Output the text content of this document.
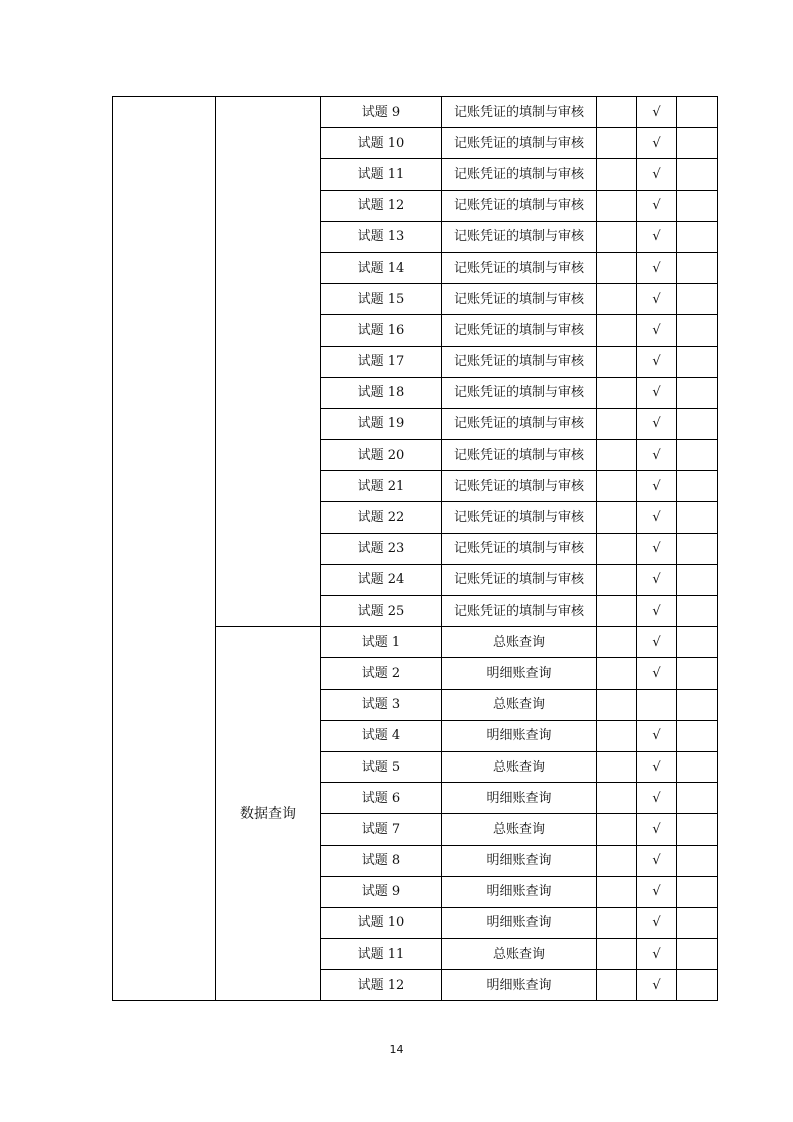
		试题 9	记账凭证的填制与审核		√	
		试题 10	记账凭证的填制与审核		√	
		试题 11	记账凭证的填制与审核		√	
		试题 12	记账凭证的填制与审核		√	
		试题 13	记账凭证的填制与审核		√	
		试题 14	记账凭证的填制与审核		√	
		试题 15	记账凭证的填制与审核		√	
		试题 16	记账凭证的填制与审核		√	
		试题 17	记账凭证的填制与审核		√	
		试题 18	记账凭证的填制与审核		√	
		试题 19	记账凭证的填制与审核		√	
		试题 20	记账凭证的填制与审核		√	
		试题 21	记账凭证的填制与审核		√	
		试题 22	记账凭证的填制与审核		√	
		试题 23	记账凭证的填制与审核		√	
		试题 24	记账凭证的填制与审核		√	
		试题 25	记账凭证的填制与审核		√	
	数据查询	试题 1	总账查询		√	
		试题 2	明细账查询		√	
		试题 3	总账查询			
		试题 4	明细账查询		√	
		试题 5	总账查询		√	
		试题 6	明细账查询		√	
		试题 7	总账查询		√	
		试题 8	明细账查询		√	
		试题 9	明细账查询		√	
		试题 10	明细账查询		√	
		试题 11	总账查询		√	
		试题 12	明细账查询		√	
14
